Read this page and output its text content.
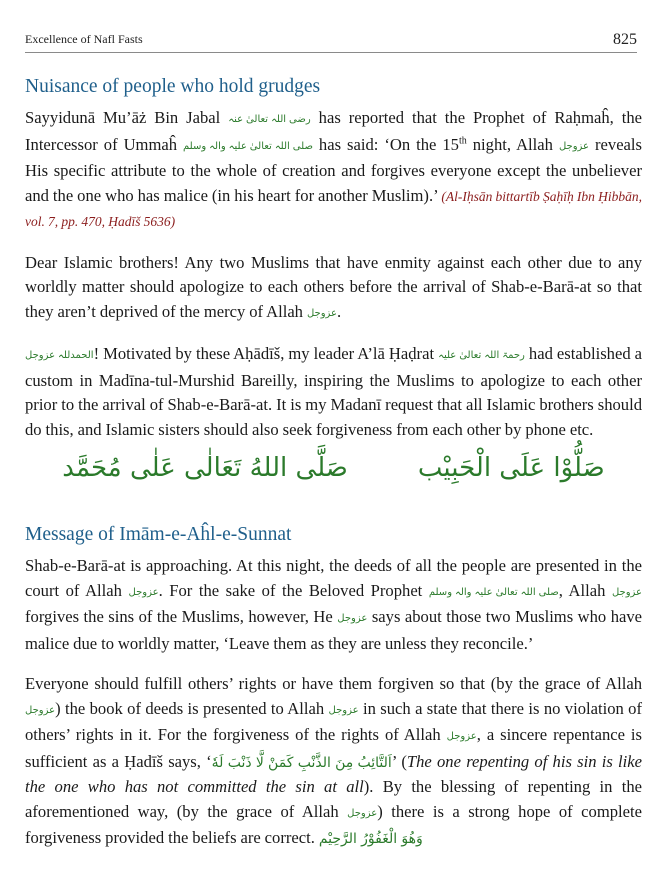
Excellence of Nafl Fasts	825
Nuisance of people who hold grudges

Sayyidunā Mu’āż Bin Jabal رضی اللہ تعالیٰ عنہ has reported that the Prophet of Raḥmaĥ, the Intercessor of Ummaĥ صلی اللہ تعالیٰ علیہ والہ وسلم has said: ‘On the 15th night, Allah عزوجل reveals His specific attribute to the whole of creation and forgives everyone except the unbeliever and the one who has malice (in his heart for another Muslim).’ (Al-Iḥsān bittartīb Ṣaḥīḥ Ibn Ḥibbān, vol. 7, pp. 470, Ḥadīš 5636)

Dear Islamic brothers! Any two Muslims that have enmity against each other due to any worldly matter should apologize to each others before the arrival of Shab-e-Barā-at so that they aren’t deprived of the mercy of Allah عزوجل.

الحمدللہ عزوجل! Motivated by these Aḥādīš, my leader A’lā Ḥaḍrat رحمۃ اللہ تعالیٰ علیہ had established a custom in Madīna-tul-Murshid Bareilly, inspiring the Muslims to apologize to each other prior to the arrival of Shab-e-Barā-at. It is my Madanī request that all Islamic brothers should do this, and Islamic sisters should also seek forgiveness from each other by phone etc.

صَلَّى اللهُ تَعَالٰى عَلٰى مُحَمَّد	صَلُّوْا عَلَى الْحَبِيْب
Message of Imām-e-Aĥl-e-Sunnat

Shab-e-Barā-at is approaching. At this night, the deeds of all the people are presented in the court of Allah عزوجل. For the sake of the Beloved Prophet صلی اللہ تعالیٰ علیہ والہ وسلم, Allah عزوجل forgives the sins of the Muslims, however, He عزوجل says about those two Muslims who have malice due to worldly matter, ‘Leave them as they are unless they reconcile.’

Everyone should fulfill others’ rights or have them forgiven so that (by the grace of Allah عزوجل) the book of deeds is presented to Allah عزوجل in such a state that there is no violation of others’ rights in it. For the forgiveness of the rights of Allah عزوجل, a sincere repentance is sufficient as a Ḥadīš says, ‘اَلتَّائِبُ مِنَ الذَّنْبِ كَمَنْ لَّا ذَنْبَ لَهٗ’ (The one repenting of his sin is like the one who has not committed the sin at all). By the blessing of repenting in the aforementioned way, (by the grace of Allah عزوجل) there is a strong hope of complete forgiveness provided the beliefs are correct. وَهُوَ الْغَفُوْرُ الرَّحِيْم
